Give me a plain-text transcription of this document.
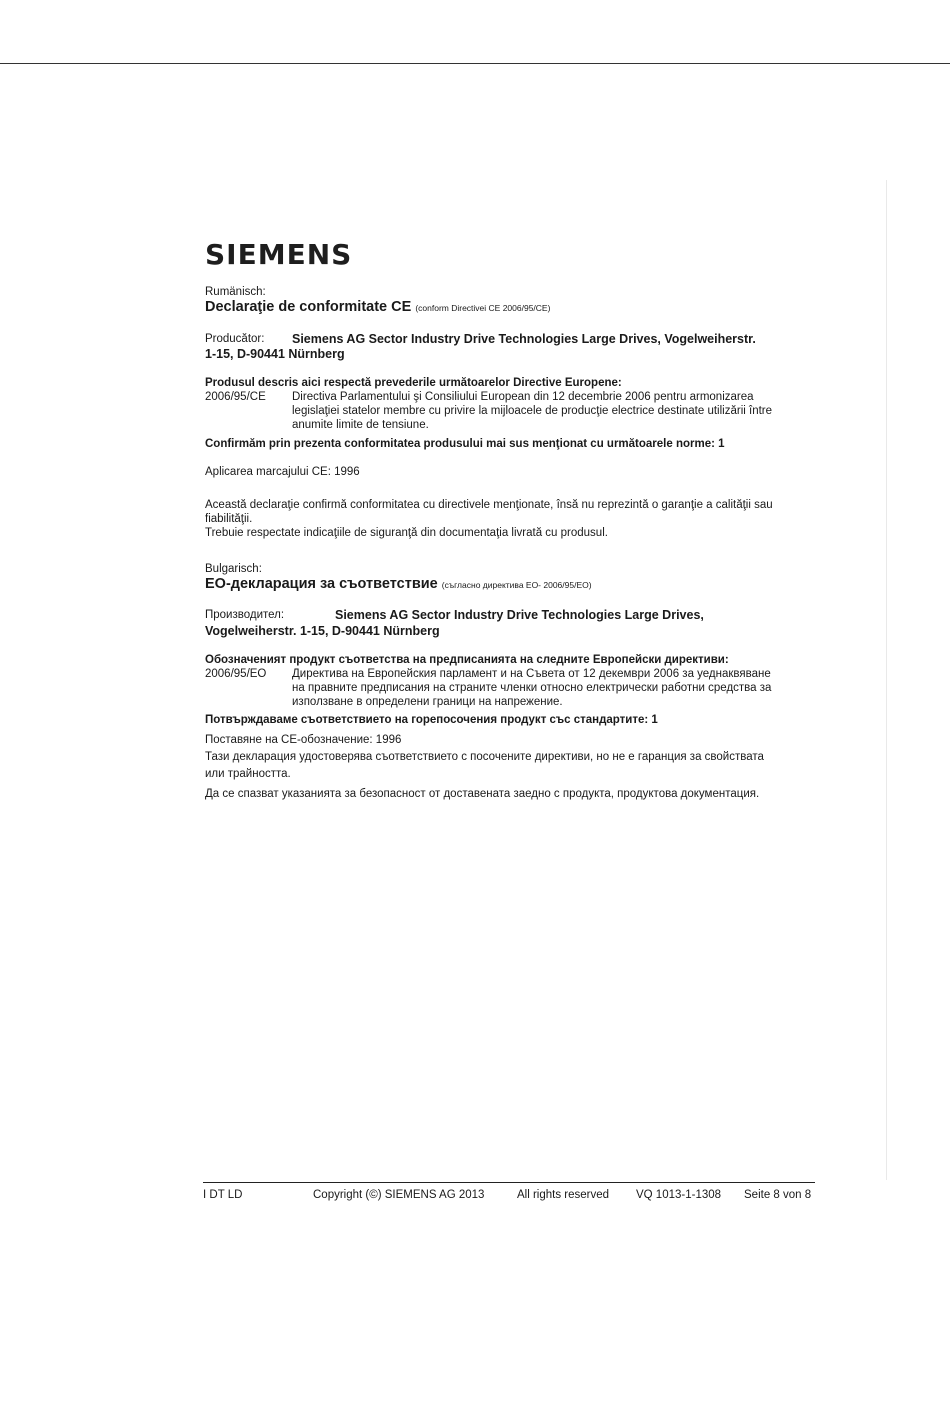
SIEMENS
Rumänisch:
Declaraţie de conformitate CE (conform Directivei CE 2006/95/CE)
Producător: Siemens AG Sector Industry Drive Technologies Large Drives, Vogelweiherstr.
1-15, D-90441 Nürnberg
Produsul descris aici respectă prevederile următoarelor Directive Europene:
2006/95/CE Directiva Parlamentului şi Consiliului European din 12 decembrie 2006 pentru armonizarea
legislaţiei statelor membre cu privire la mijloacele de producţie electrice destinate utilizării între
anumite limite de tensiune.
Confirmăm prin prezenta conformitatea produsului mai sus menţionat cu următoarele norme: 1
Aplicarea marcajului CE: 1996
Această declaraţie confirmă conformitatea cu directivele menţionate, însă nu reprezintă o garanţie a calităţii sau
fiabilităţii.
Trebuie respectate indicaţiile de siguranţă din documentaţia livrată cu produsul.
Bulgarisch:
ЕО-декларация за съответствие (съгласно директива ЕО- 2006/95/ЕО)
Производител:	Siemens AG Sector Industry Drive Technologies Large Drives,
Vogelweiherstr. 1-15, D-90441 Nürnberg
Обозначеният продукт съответства на предписанията на следните Европейски директиви:
2006/95/EO Директива на Европейския парламент и на Съвета от 12 декември 2006 за уеднаквяване
на правните предписания на страните членки относно електрически работни средства за
използване в определени граници на напрежение.
Потвърждаваме съответствието на горепосочения продукт със стандартите: 1
Поставяне на СЕ-обозначение: 1996
Тази декларация удостоверява съответствието с посочените директиви, но не е гаранция за свойствата
или трайността.
Да се спазват указанията за безопасност от доставената заедно с продукта, продуктова документация.
I DT LD	Copyright (©) SIEMENS AG 2013	All rights reserved VQ 1013-1-1308 Seite 8 von 8
